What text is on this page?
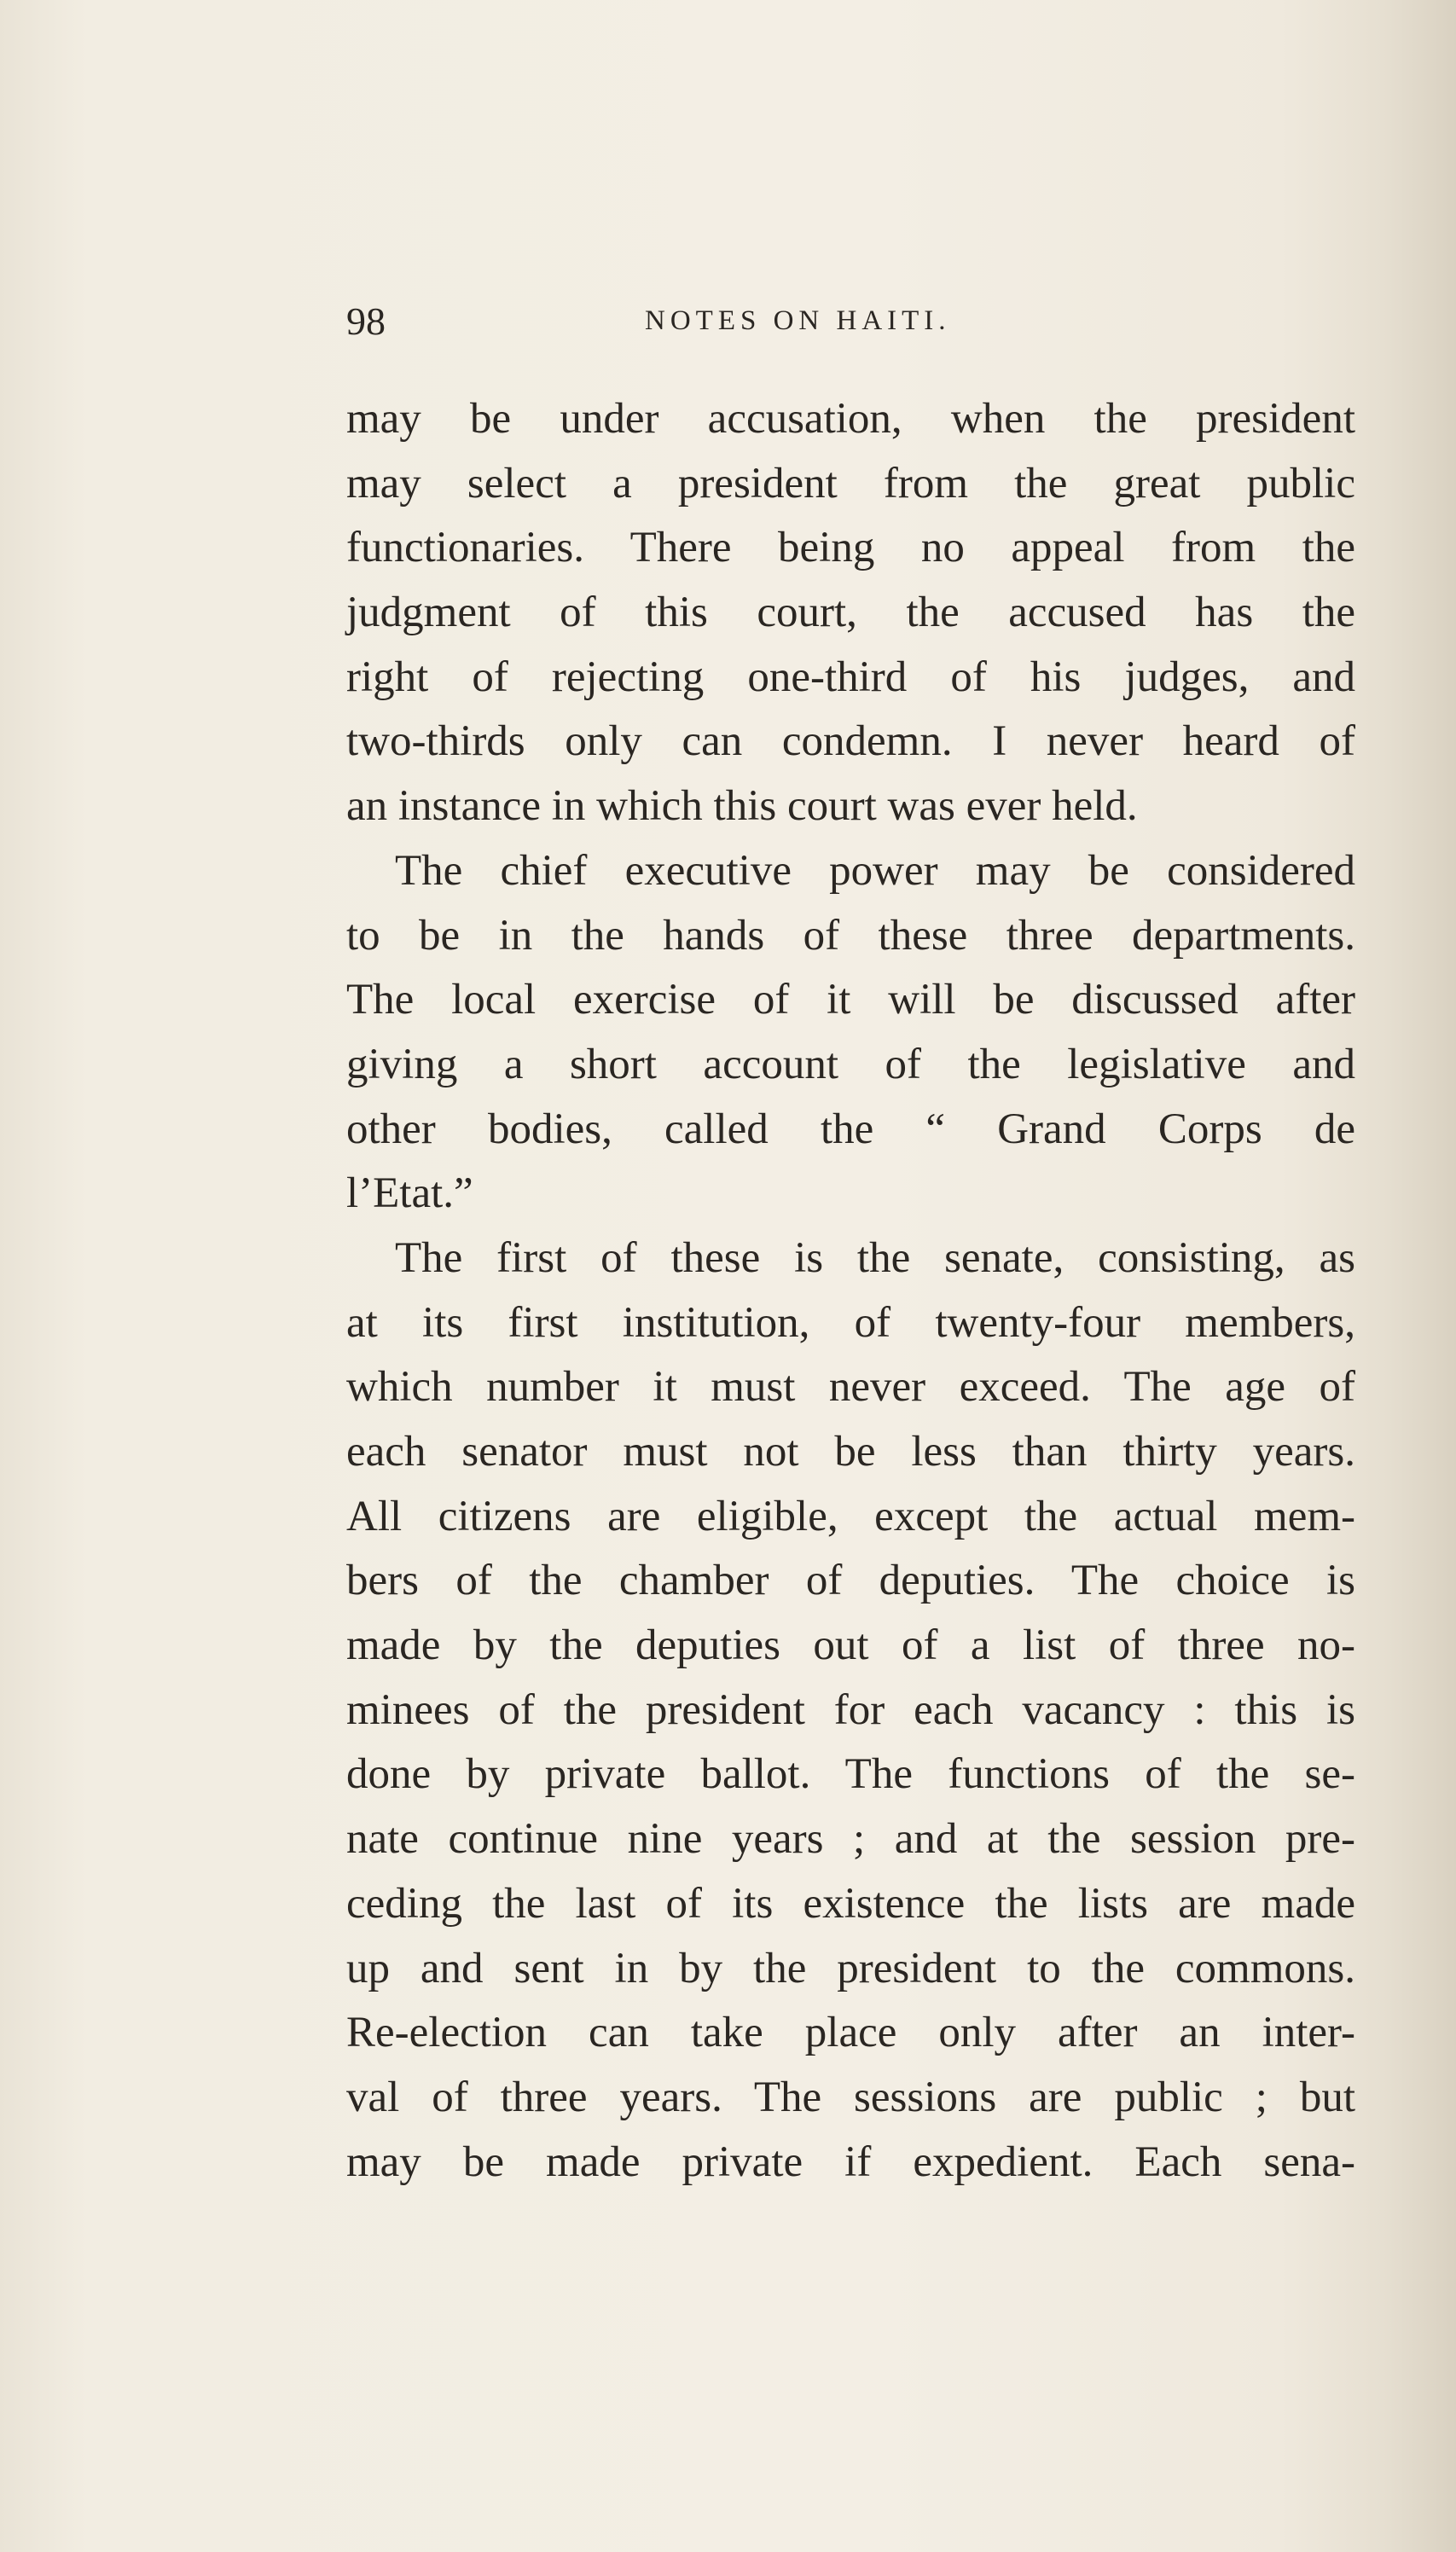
98	NOTES ON HAITI.
may be under accusation, when the president
may select a president from the great public
functionaries. There being no appeal from the
judgment of this court, the accused has the
right of rejecting one-third of his judges, and
two-thirds only can condemn. I never heard of
an instance in which this court was ever held.
The chief executive power may be considered
to be in the hands of these three departments.
The local exercise of it will be discussed after
giving a short account of the legislative and
other bodies, called the “ Grand Corps de
l’Etat.”
The first of these is the senate, consisting, as
at its first institution, of twenty-four members,
which number it must never exceed. The age of
each senator must not be less than thirty years.
All citizens are eligible, except the actual mem-
bers of the chamber of deputies. The choice is
made by the deputies out of a list of three no-
minees of the president for each vacancy : this is
done by private ballot. The functions of the se-
nate continue nine years ; and at the session pre-
ceding the last of its existence the lists are made
up and sent in by the president to the commons.
Re-election can take place only after an inter-
val of three years. The sessions are public ; but
may be made private if expedient. Each sena-
